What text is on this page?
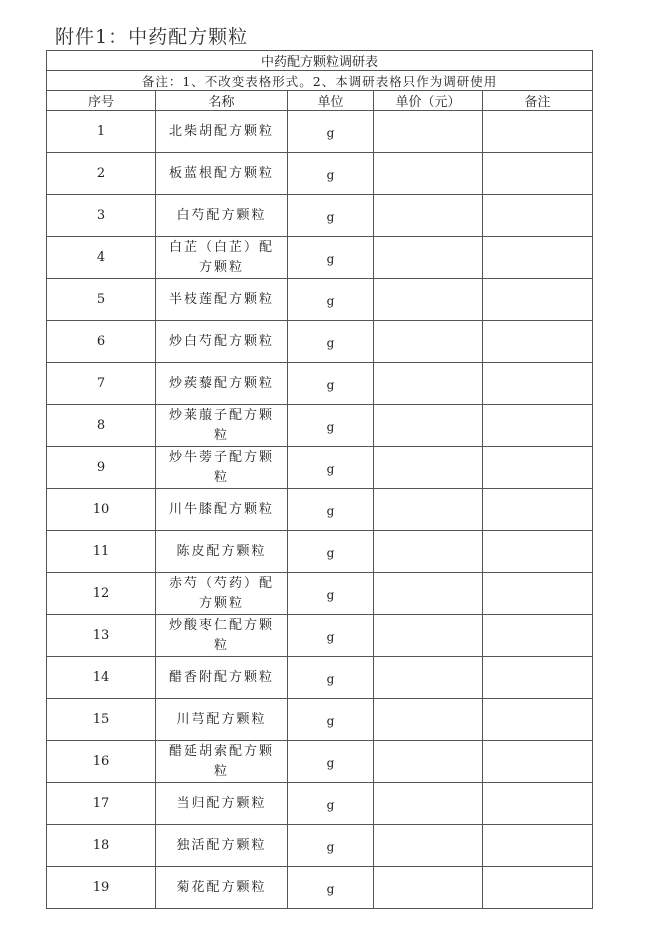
附件1：中药配方颗粒
中药配方颗粒调研表				
备注：1、不改变表格形式。2、本调研表格只作为调研使用				
序号	名称	单位	单价（元）	备注
1	北柴胡配方颗粒	g		
2	板蓝根配方颗粒	g		
3	白芍配方颗粒	g		
4	白芷（白芷）配方颗粒	g		
5	半枝莲配方颗粒	g		
6	炒白芍配方颗粒	g		
7	炒蒺藜配方颗粒	g		
8	炒莱菔子配方颗粒	g		
9	炒牛蒡子配方颗粒	g		
10	川牛膝配方颗粒	g		
11	陈皮配方颗粒	g		
12	赤芍（芍药）配方颗粒	g		
13	炒酸枣仁配方颗粒	g		
14	醋香附配方颗粒	g		
15	川芎配方颗粒	g		
16	醋延胡索配方颗粒	g		
17	当归配方颗粒	g		
18	独活配方颗粒	g		
19	菊花配方颗粒	g		
